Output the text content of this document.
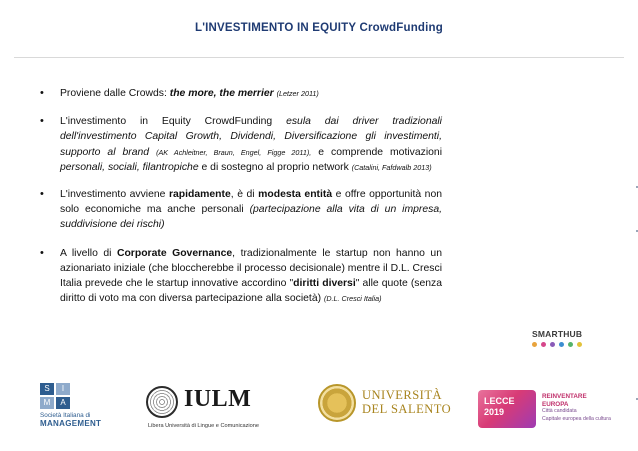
L'INVESTIMENTO IN EQUITY CrowdFunding
• Proviene dalle Crowds: the more, the merrier (Letzer 2011)
• L'investimento in Equity CrowdFunding esula dai driver tradizionali dell'investimento Capital Growth, Dividendi, Diversificazione gli investimenti, supporto al brand (AK Achleitner, Braun, Engel, Figge 2011), e comprende motivazioni personali, sociali, filantropiche e di sostegno al proprio network (Catalini, Fafdwalb 2013)
• L'investimento avviene rapidamente, è di modesta entità e offre opportunità non solo economiche ma anche personali (partecipazione alla vita di un impresa, suddivisione dei rischi)
• A livello di Corporate Governance, tradizionalmente le startup non hanno un azionariato iniziale (che bloccherebbe il processo decisionale) mentre il D.L. Cresci Italia prevede che le startup innovative accordino "diritti diversi" alle quote (senza diritto di voto ma con diversa partecipazione alla società) (D.L. Cresci Italia)
SMARTHUB
S	I
M	A
Società Italiana di
MANAGEMENT
IULM
Libera Università di Lingue e Comunicazione
UNIVERSITÀ
DEL SALENTO
LECCE
2019
REINVENTARE
EUROPA
Città candidata
Capitale europea della cultura
